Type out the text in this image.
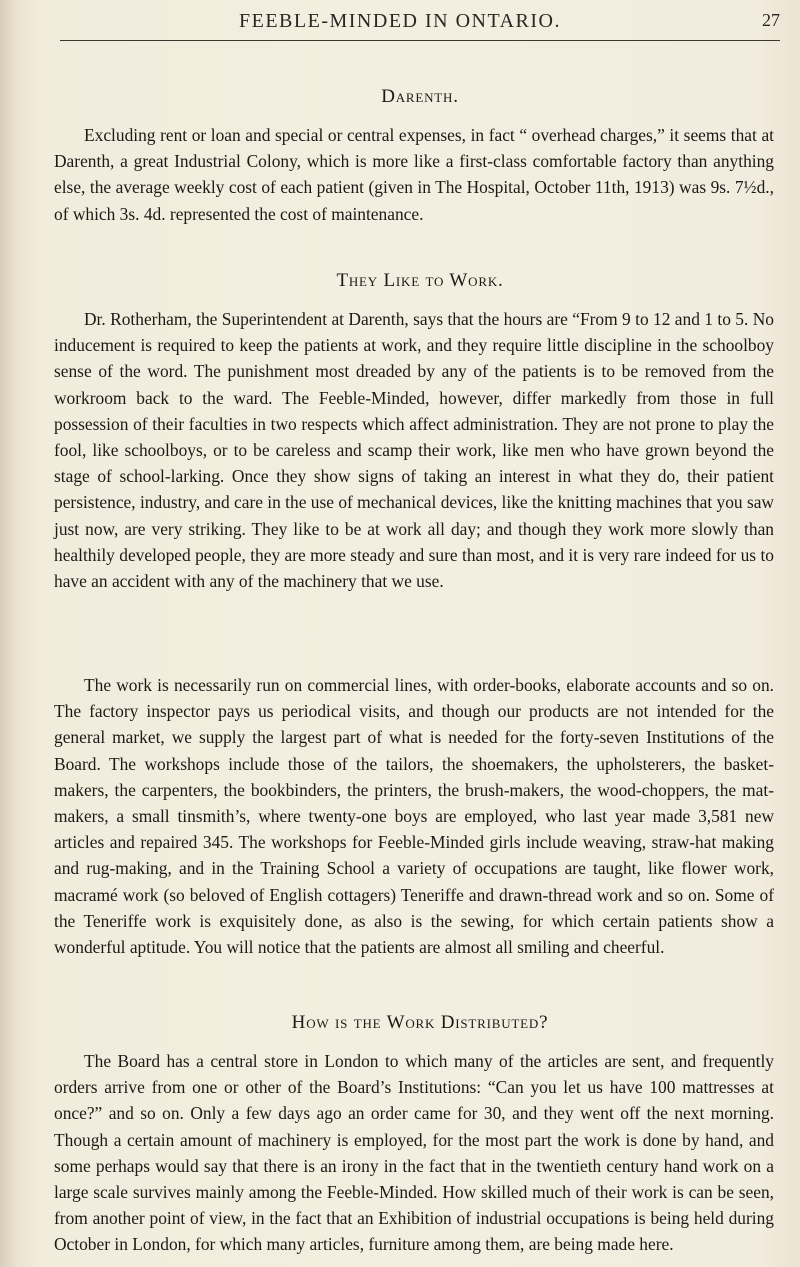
FEEBLE-MINDED IN ONTARIO.	27
Darenth.

Excluding rent or loan and special or central expenses, in fact “ overhead charges,” it seems that at Darenth, a great Industrial Colony, which is more like a first-class comfortable factory than anything else, the average weekly cost of each patient (given in The Hospital, October 11th, 1913) was 9s. 7½d., of which 3s. 4d. represented the cost of maintenance.

They Like to Work.

Dr. Rotherham, the Superintendent at Darenth, says that the hours are “From 9 to 12 and 1 to 5. No inducement is required to keep the patients at work, and they require little discipline in the schoolboy sense of the word. The punishment most dreaded by any of the patients is to be removed from the workroom back to the ward. The Feeble-Minded, however, differ markedly from those in full possession of their faculties in two respects which affect administration. They are not prone to play the fool, like schoolboys, or to be careless and scamp their work, like men who have grown beyond the stage of school-larking. Once they show signs of taking an interest in what they do, their patient persistence, industry, and care in the use of mechanical devices, like the knitting machines that you saw just now, are very striking. They like to be at work all day; and though they work more slowly than healthily developed people, they are more steady and sure than most, and it is very rare indeed for us to have an accident with any of the machinery that we use.

The work is necessarily run on commercial lines, with order-books, elaborate accounts and so on. The factory inspector pays us periodical visits, and though our products are not intended for the general market, we supply the largest part of what is needed for the forty-seven Institutions of the Board. The workshops include those of the tailors, the shoemakers, the upholsterers, the basket-makers, the carpenters, the bookbinders, the printers, the brush-makers, the wood-choppers, the mat-makers, a small tinsmith’s, where twenty-one boys are employed, who last year made 3,581 new articles and repaired 345. The workshops for Feeble-Minded girls include weaving, straw-hat making and rug-making, and in the Training School a variety of occupations are taught, like flower work, macramé work (so beloved of English cottagers) Teneriffe and drawn-thread work and so on. Some of the Teneriffe work is exquisitely done, as also is the sewing, for which certain patients show a wonderful aptitude. You will notice that the patients are almost all smiling and cheerful.

How is the Work Distributed?

The Board has a central store in London to which many of the articles are sent, and frequently orders arrive from one or other of the Board’s Institutions: “Can you let us have 100 mattresses at once?” and so on. Only a few days ago an order came for 30, and they went off the next morning. Though a certain amount of machinery is employed, for the most part the work is done by hand, and some perhaps would say that there is an irony in the fact that in the twentieth century hand work on a large scale survives mainly among the Feeble-Minded. How skilled much of their work is can be seen, from another point of view, in the fact that an Exhibition of industrial occupations is being held during October in London, for which many articles, furniture among them, are being made here.
